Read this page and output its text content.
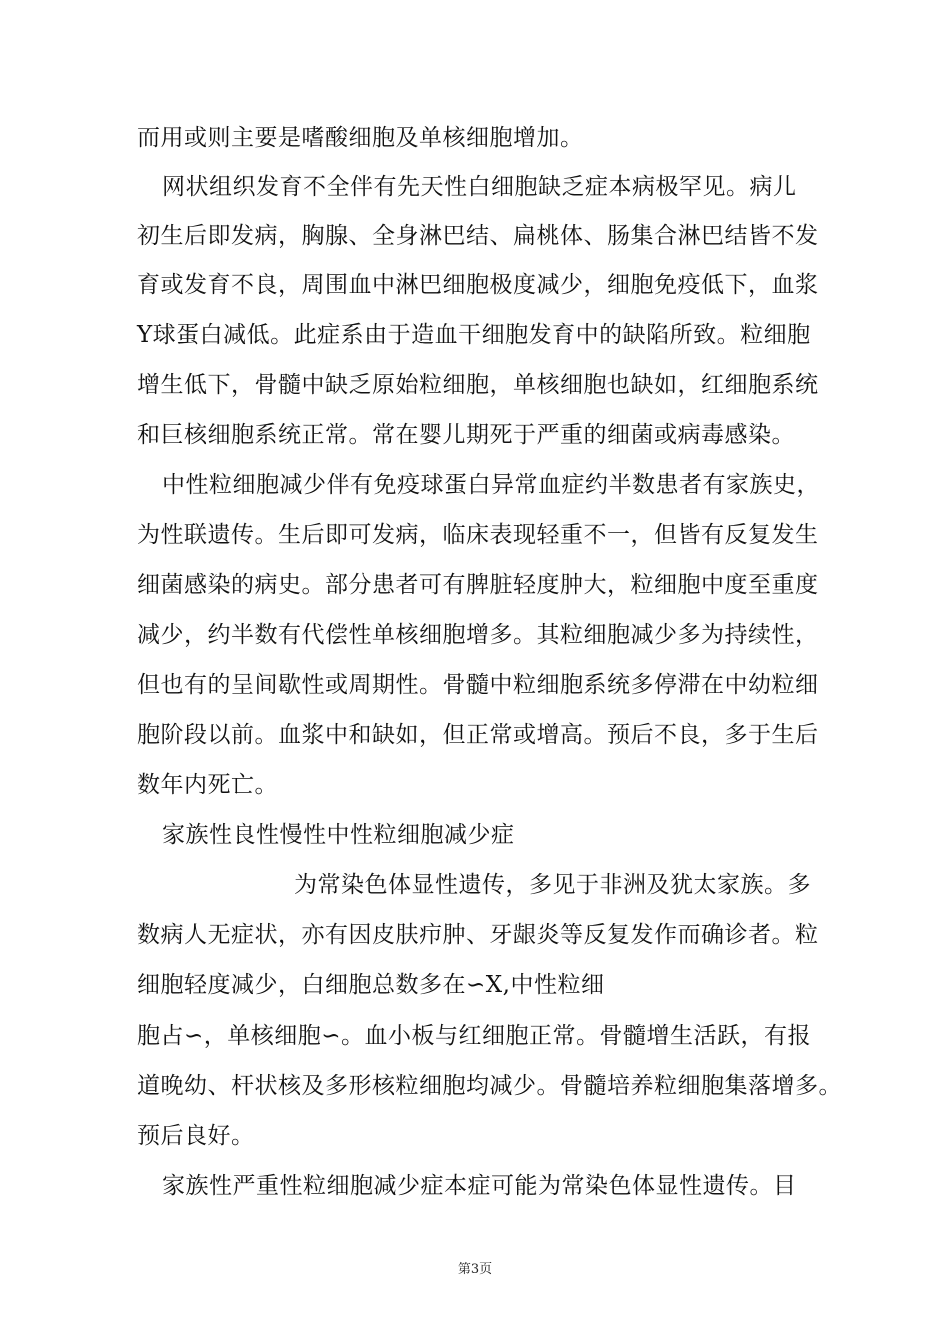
而用或则主要是嗜酸细胞及单核细胞增加。
网状组织发育不全伴有先天性白细胞缺乏症本病极罕见。病儿
初生后即发病，胸腺、全身淋巴结、扁桃体、肠集合淋巴结皆不发
育或发育不良，周围血中淋巴细胞极度减少，细胞免疫低下，血浆
Y球蛋白减低。此症系由于造血干细胞发育中的缺陷所致。粒细胞
增生低下，骨髓中缺乏原始粒细胞，单核细胞也缺如，红细胞系统
和巨核细胞系统正常。常在婴儿期死于严重的细菌或病毒感染。
中性粒细胞减少伴有免疫球蛋白异常血症约半数患者有家族史，
为性联遗传。生后即可发病，临床表现轻重不一，但皆有反复发生
细菌感染的病史。部分患者可有脾脏轻度肿大，粒细胞中度至重度
减少，约半数有代偿性单核细胞增多。其粒细胞减少多为持续性，
但也有的呈间歇性或周期性。骨髓中粒细胞系统多停滞在中幼粒细
胞阶段以前。血浆中和缺如，但正常或增高。预后不良，多于生后
数年内死亡。
家族性良性慢性中性粒细胞减少症
为常染色体显性遗传，多见于非洲及犹太家族。多
数病人无症状，亦有因皮肤疖肿、牙龈炎等反复发作而确诊者。粒
细胞轻度减少，白细胞总数多在∽X,中性粒细
胞占∽，单核细胞∽。血小板与红细胞正常。骨髓增生活跃，有报
道晚幼、杆状核及多形核粒细胞均减少。骨髓培养粒细胞集落增多。
预后良好。
家族性严重性粒细胞减少症本症可能为常染色体显性遗传。目
第3页
